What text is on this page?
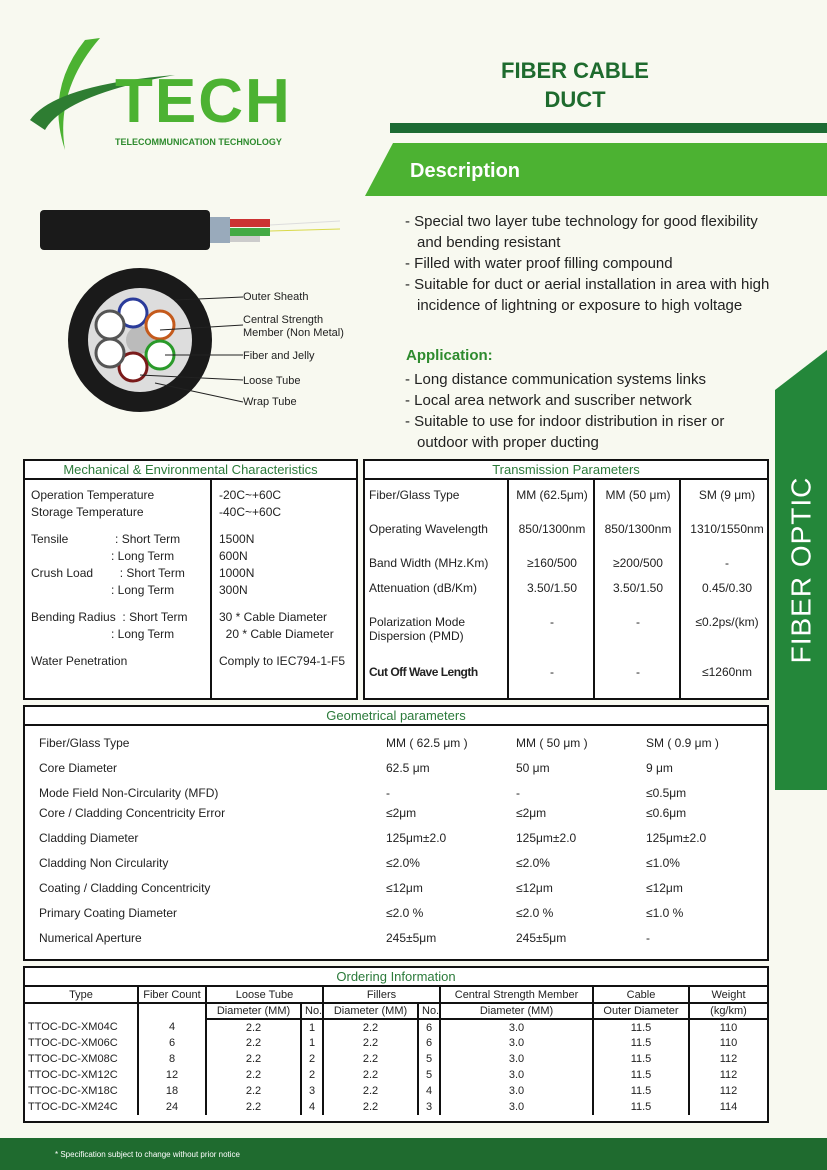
TECH
TELECOMMUNICATION TECHNOLOGY
FIBER CABLE
DUCT
Description
- Special two layer tube technology for good flexibility and bending resistant
- Filled with water proof filling compound
- Suitable for duct or aerial installation in area with high incidence of lightning or exposure to high voltage
Application:
- Long distance communication systems links
- Local area network and suscriber network
- Suitable to use for indoor distribution in riser or outdoor with proper ducting
Outer Sheath
Central Strength Member (Non Metal)
Fiber and Jelly
Loose Tube
Wrap Tube
FIBER OPTIC
Mechanical & Environmental Characteristics
Operation Temperature	-20C~+60C
Storage Temperature	-40C~+60C

Tensile              : Short Term	1500N
: Long Term	600N
Crush Load        : Short Term	1000N
: Long Term	300N

Bending Radius  : Short Term	30 * Cable Diameter
: Long Term	20 * Cable Diameter

Water Penetration	Comply to IEC794-1-F5
Transmission Parameters
Fiber/Glass Type	MM (62.5μm)	MM (50 μm)	SM (9 μm)
Operating Wavelength	850/1300nm	850/1300nm	1310/1550nm
Band Width (MHz.Km)	≥160/500	≥200/500	-
Attenuation (dB/Km)	3.50/1.50	3.50/1.50	0.45/0.30
Polarization Mode Dispersion (PMD)	-	-	≤0.2ps/(km)
Cut Off Wave Length	-	-	≤1260nm
Geometrical parameters
Fiber/Glass Type	MM ( 62.5 μm )	MM ( 50 μm )	SM ( 0.9 μm )
Core Diameter	62.5 μm	50 μm	9 μm
Mode Field Non-Circularity (MFD)	-	-	≤0.5μm
Core / Cladding Concentricity Error	≤2μm	≤2μm	≤0.6μm
Cladding Diameter	125μm±2.0	125μm±2.0	125μm±2.0
Cladding Non Circularity	≤2.0%	≤2.0%	≤1.0%
Coating / Cladding Concentricity	≤12μm	≤12μm	≤12μm
Primary Coating Diameter	≤2.0 %	≤2.0 %	≤1.0 %
Numerical Aperture	245±5μm	245±5μm	-
Ordering Information
Type	Fiber Count	Loose Tube		Fillers		Central Strength Member	Cable	Weight
		Diameter (MM)	No.	Diameter (MM)	No.	Diameter (MM)	Outer Diameter	(kg/km)
TTOC-DC-XM04C	4	2.2	1	2.2	6	3.0	11.5	110
TTOC-DC-XM06C	6	2.2	1	2.2	6	3.0	11.5	110
TTOC-DC-XM08C	8	2.2	2	2.2	5	3.0	11.5	112
TTOC-DC-XM12C	12	2.2	2	2.2	5	3.0	11.5	112
TTOC-DC-XM18C	18	2.2	3	2.2	4	3.0	11.5	112
TTOC-DC-XM24C	24	2.2	4	2.2	3	3.0	11.5	114
* Specification subject to change without prior notice
